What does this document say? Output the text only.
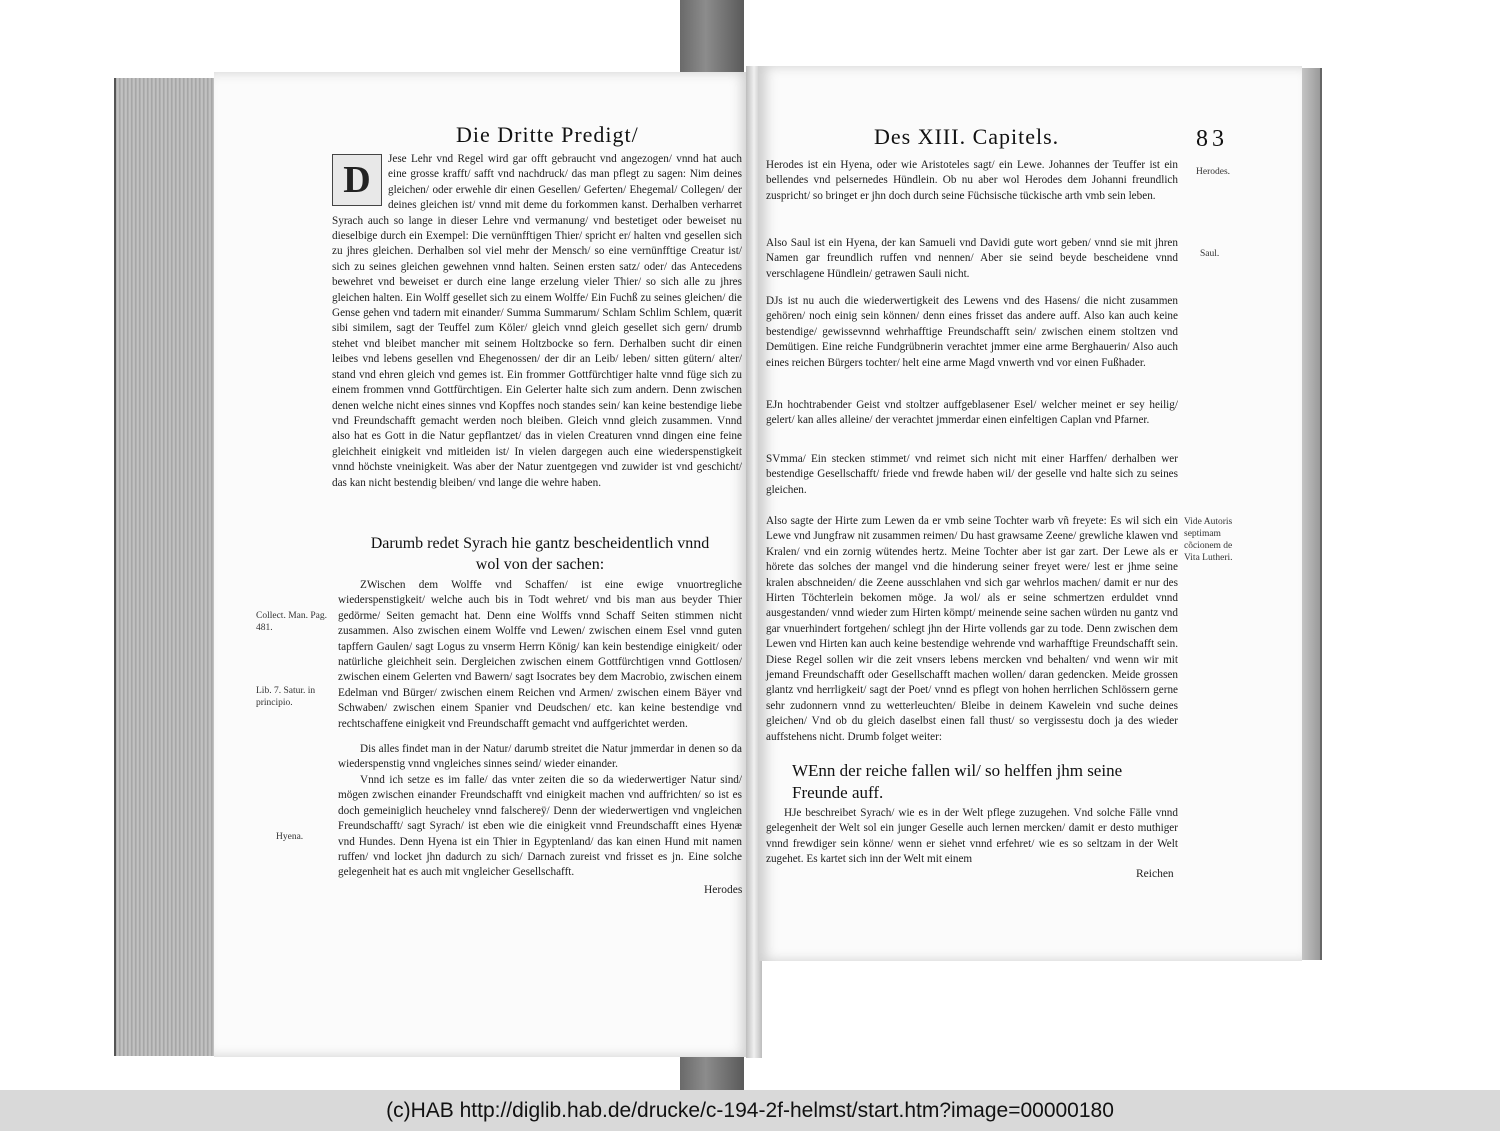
Die Dritte Predigt/
D	Jese Lehr vnd Regel wird gar offt gebraucht vnd angezogen/ vnnd hat auch eine grosse krafft/ safft vnd nachdruck/ das man pflegt zu sagen: Nim deines gleichen/ oder erwehle dir einen Gesellen/ Geferten/ Ehegemal/ Collegen/ der deines gleichen ist/ vnnd mit deme du forkommen kanst. Derhalben verharret Syrach auch so lange in dieser Lehre vnd vermanung/ vnd bestetiget oder beweiset nu dieselbige durch ein Exempel: Die vernünfftigen Thier/ spricht er/ halten vnd gesellen sich zu jhres gleichen. Derhalben sol viel mehr der Mensch/ so eine vernünfftige Creatur ist/ sich zu seines gleichen gewehnen vnnd halten. Seinen ersten satz/ oder/ das Antecedens bewehret vnd beweiset er durch eine lange erzelung vieler Thier/ so sich alle zu jhres gleichen halten. Ein Wolff gesellet sich zu einem Wolffe/ Ein Fuchß zu seines gleichen/ die Gense gehen vnd tadern mit einander/ Summa Summarum/ Schlam Schlim Schlem, quærit sibi similem, sagt der Teuffel zum Köler/ gleich vnnd gleich gesellet sich gern/ drumb stehet vnd bleibet mancher mit seinem Holtzbocke so fern. Derhalben sucht dir einen leibes vnd lebens gesellen vnd Ehegenossen/ der dir an Leib/ leben/ sitten gütern/ alter/ stand vnd ehren gleich vnd gemes ist. Ein frommer Gottfürchtiger halte vnnd füge sich zu einem frommen vnnd Gottfürchtigen. Ein Gelerter halte sich zum andern. Denn zwischen denen welche nicht eines sinnes vnd Kopffes noch standes sein/ kan keine bestendige liebe vnd Freundschafft gemacht werden noch bleiben. Gleich vnnd gleich zusammen. Vnnd also hat es Gott in die Natur gepflantzet/ das in vielen Creaturen vnnd dingen eine feine gleichheit einigkeit vnd mitleiden ist/ In vielen dargegen auch eine wiederspenstigkeit vnnd höchste vneinigkeit. Was aber der Natur zuentgegen vnd zuwider ist vnd geschicht/ das kan nicht bestendig bleiben/ vnd lange die wehre haben.
Darumb redet Syrach hie gantz bescheidentlich vnnd wol von der sachen:
Collect. Man. Pag. 481.
Lib. 7. Satur. in principio.
Hyena.
ZWischen dem Wolffe vnd Schaffen/ ist eine ewige vnuortregliche wiederspenstigkeit/ welche auch bis in Todt wehret/ vnd bis man aus beyder Thier gedörme/ Seiten gemacht hat. Denn eine Wolffs vnnd Schaff Seiten stimmen nicht zusammen. Also zwischen einem Wolffe vnd Lewen/ zwischen einem Esel vnnd guten tapffern Gaulen/ sagt Logus zu vnserm Herrn König/ kan kein bestendige einigkeit/ oder natürliche gleichheit sein. Dergleichen zwischen einem Gottfürchtigen vnnd Gottlosen/ zwischen einem Gelerten vnd Bawern/ sagt Isocrates bey dem Macrobio, zwischen einem Edelman vnd Bürger/ zwischen einem Reichen vnd Armen/ zwischen einem Bäyer vnd Schwaben/ zwischen einem Spanier vnd Deudschen/ etc. kan keine bestendige vnd rechtschaffene einigkeit vnd Freundschafft gemacht vnd auffgerichtet werden.
Dis alles findet man in der Natur/ darumb streitet die Natur jmmerdar in denen so da wiederspenstig vnnd vngleiches sinnes seind/ wieder einander.
Vnnd ich setze es im falle/ das vnter zeiten die so da wiederwertiger Natur sind/ mögen zwischen einander Freundschafft vnd einigkeit machen vnd auffrichten/ so ist es doch gemeiniglich heucheley vnnd falschereÿ/ Denn der wiederwertigen vnd vngleichen Freundschafft/ sagt Syrach/ ist eben wie die einigkeit vnnd Freundschafft eines Hyenæ vnd Hundes. Denn Hyena ist ein Thier in Egyptenland/ das kan einen Hund mit namen ruffen/ vnd locket jhn dadurch zu sich/ Darnach zureist vnd frisset es jn. Eine solche gelegenheit hat es auch mit vngleicher Gesellschafft.
Herodes
Des XIII. Capitels.	83
Herodes ist ein Hyena, oder wie Aristoteles sagt/ ein Lewe. Johannes der Teuffer ist ein bellendes vnd pelsernedes Hündlein. Ob nu aber wol Herodes dem Johanni freundlich zuspricht/ so bringet er jhn doch durch seine Füchsische tückische arth vmb sein leben.
Also Saul ist ein Hyena, der kan Samueli vnd Davidi gute wort geben/ vnnd sie mit jhren Namen gar freundlich ruffen vnd nennen/ Aber sie seind beyde bescheidene vnnd verschlagene Hündlein/ getrawen Sauli nicht.
DJs ist nu auch die wiederwertigkeit des Lewens vnd des Hasens/ die nicht zusammen gehören/ noch einig sein können/ denn eines frisset das andere auff. Also kan auch keine bestendige/ gewissevnnd wehrhafftige Freundschafft sein/ zwischen einem stoltzen vnd Demütigen. Eine reiche Fundgrübnerin verachtet jmmer eine arme Berghauerin/ Also auch eines reichen Bürgers tochter/ helt eine arme Magd vnwerth vnd vor einen Fußhader.
EJn hochtrabender Geist vnd stoltzer auffgeblasener Esel/ welcher meinet er sey heilig/ gelert/ kan alles alleine/ der verachtet jmmerdar einen einfeltigen Caplan vnd Pfarner.
SVmma/ Ein stecken stimmet/ vnd reimet sich nicht mit einer Harffen/ derhalben wer bestendige Gesellschafft/ friede vnd frewde haben wil/ der geselle vnd halte sich zu seines gleichen.
Also sagte der Hirte zum Lewen da er vmb seine Tochter warb vñ freyete: Es wil sich ein Lewe vnd Jungfraw nit zusammen reimen/ Du hast grawsame Zeene/ grewliche klawen vnd Kralen/ vnd ein zornig wütendes hertz. Meine Tochter aber ist gar zart. Der Lewe als er hörete das solches der mangel vnd die hinderung seiner freyet were/ lest er jhme seine kralen abschneiden/ die Zeene ausschlahen vnd sich gar wehrlos machen/ damit er nur des Hirten Töchterlein bekomen möge. Ja wol/ als er seine schmertzen erduldet vnnd ausgestanden/ vnnd wieder zum Hirten kömpt/ meinende seine sachen würden nu gantz vnd gar vnuerhindert fortgehen/ schlegt jhn der Hirte vollends gar zu tode. Denn zwischen dem Lewen vnd Hirten kan auch keine bestendige wehrende vnd warhafftige Freundschafft sein. Diese Regel sollen wir die zeit vnsers lebens mercken vnd behalten/ vnd wenn wir mit jemand Freundschafft oder Gesellschafft machen wollen/ daran gedencken. Meide grossen glantz vnd herrligkeit/ sagt der Poet/ vnnd es pflegt von hohen herrlichen Schlössern gerne sehr zudonnern vnnd zu wetterleuchten/ Bleibe in deinem Kawelein vnd suche deines gleichen/ Vnd ob du gleich daselbst einen fall thust/ so vergissestu doch ja des wieder auffstehens nicht. Drumb folget weiter:
Herodes.
Saul.
Vide Autoris septimam cõcionem de Vita Lutheri.
WEnn der reiche fallen wil/ so helffen jhm seine Freunde auff.
HJe beschreibet Syrach/ wie es in der Welt pflege zuzugehen. Vnd solche Fälle vnnd gelegenheit der Welt sol ein junger Geselle auch lernen mercken/ damit er desto muthiger vnnd frewdiger sein könne/ wenn er siehet vnnd erfehret/ wie es so seltzam in der Welt zugehet. Es kartet sich inn der Welt mit einem
Reichen
(c)HAB http://diglib.hab.de/drucke/c-194-2f-helmst/start.htm?image=00000180
